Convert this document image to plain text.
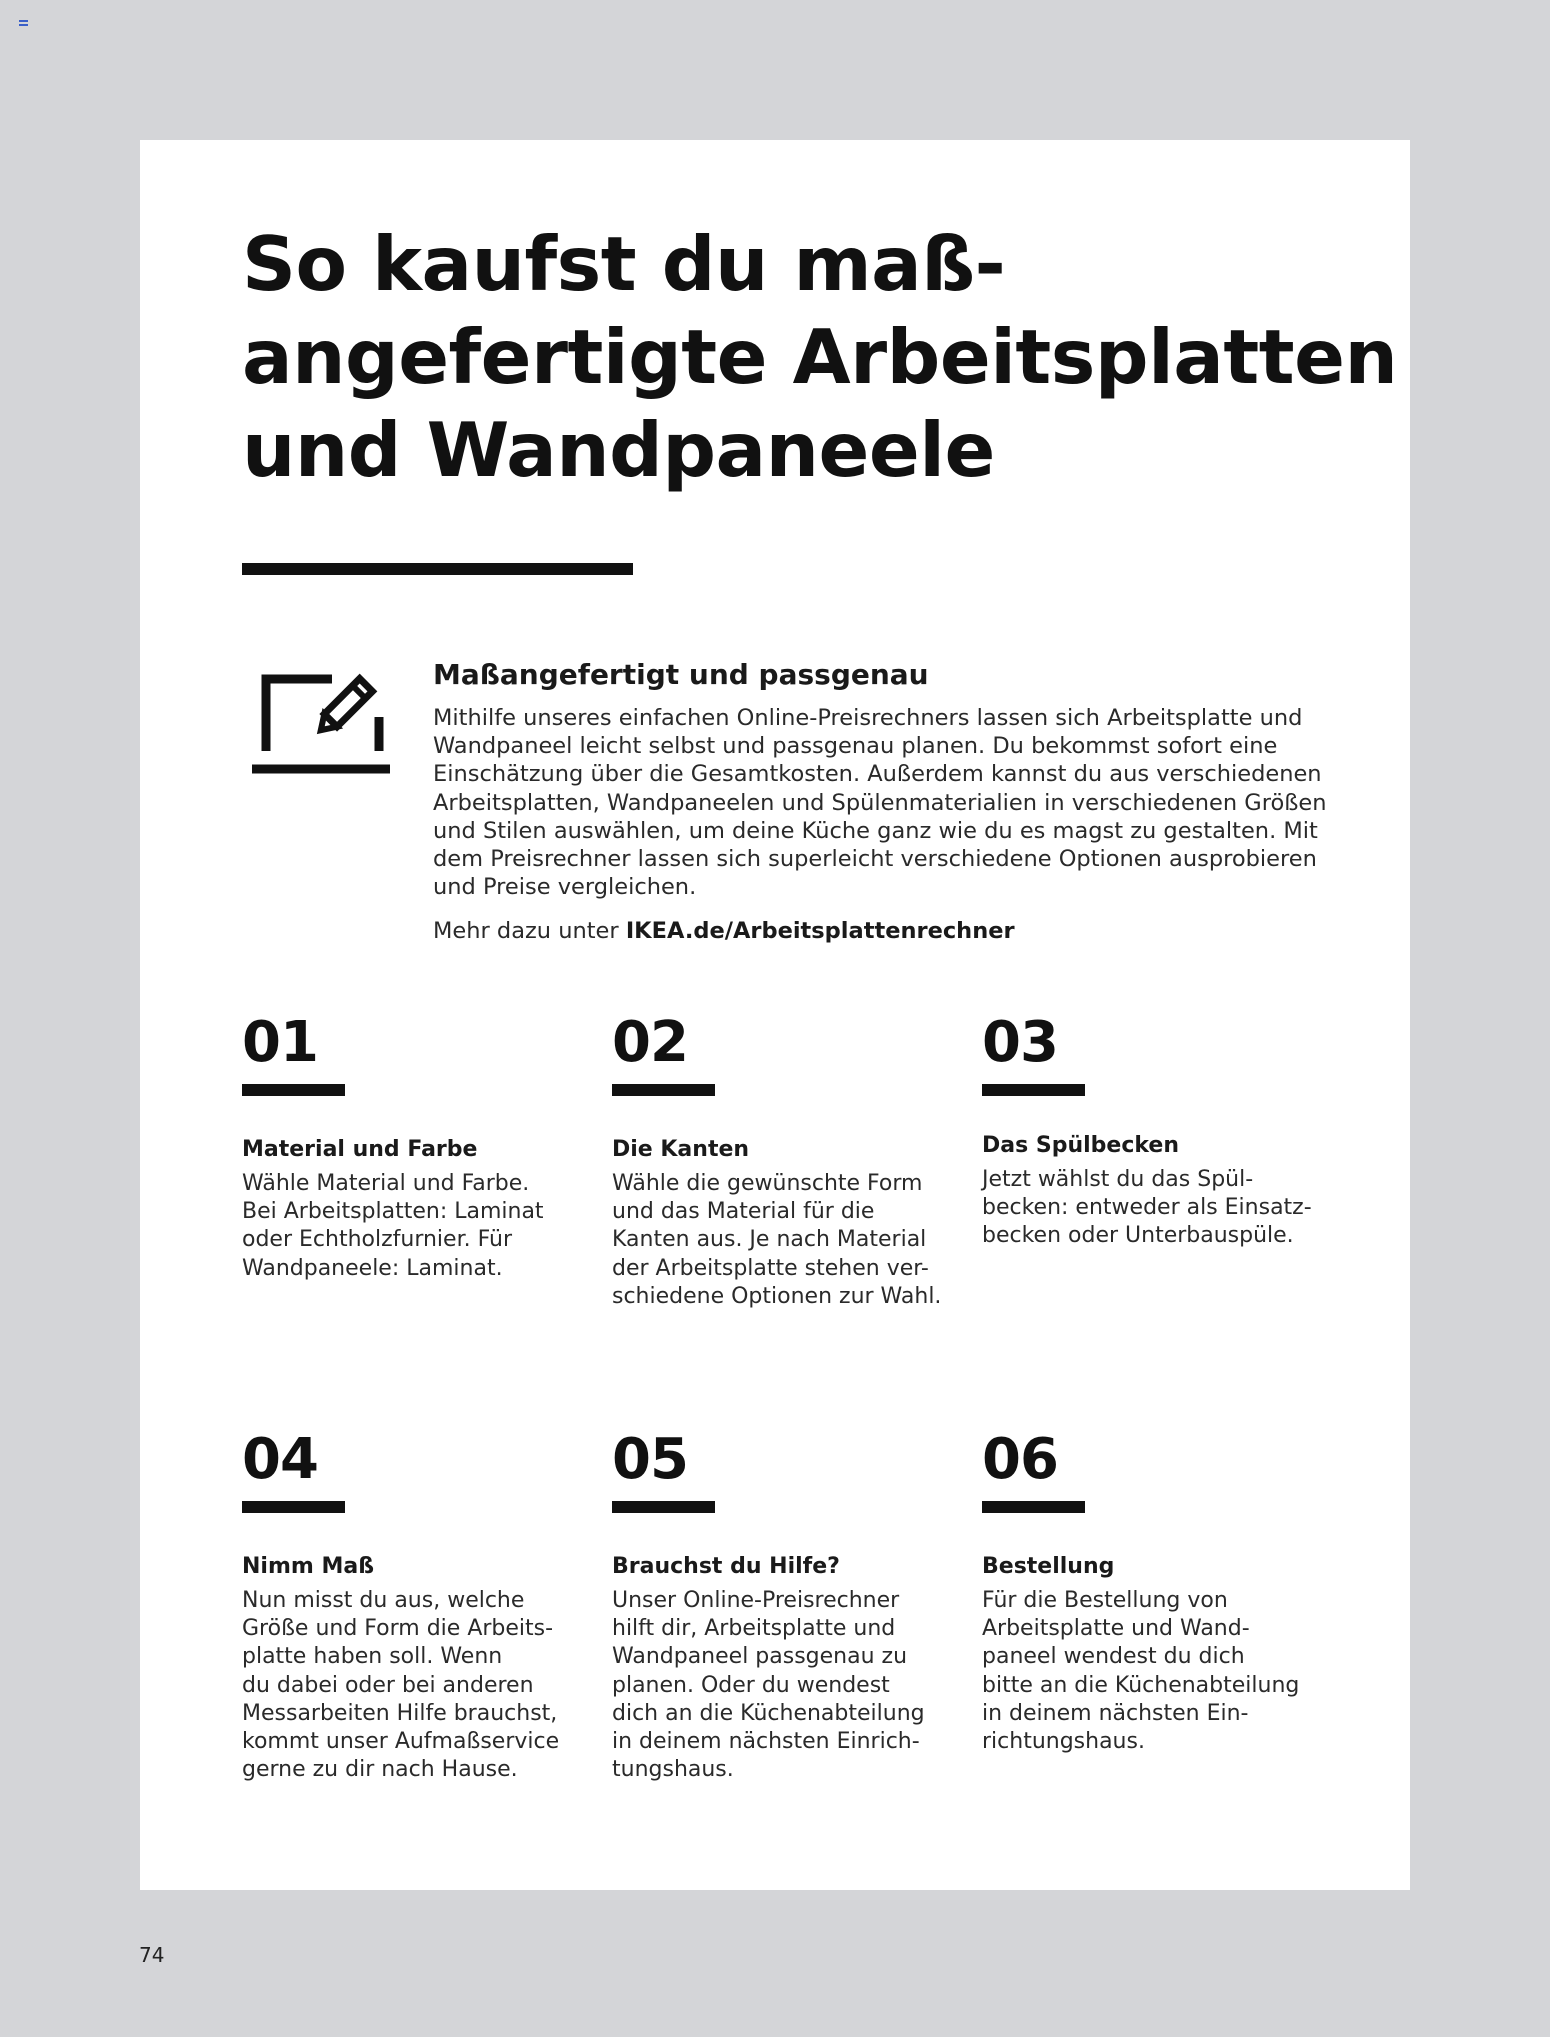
So kaufst du maß-
angefertigte Arbeitsplatten
und Wandpaneele
Maßangefertigt und passgenau

Mithilfe unseres einfachen Online-Preisrechners lassen sich Arbeitsplatte und
Wandpaneel leicht selbst und passgenau planen. Du bekommst sofort eine
Einschätzung über die Gesamtkosten. Außerdem kannst du aus verschiedenen
Arbeitsplatten, Wandpaneelen und Spülenmaterialien in verschiedenen Größen
und Stilen auswählen, um deine Küche ganz wie du es magst zu gestalten. Mit
dem Preisrechner lassen sich superleicht verschiedene Optionen ausprobieren
und Preise vergleichen.

Mehr dazu unter IKEA.de/Arbeitsplattenrechner

01
Material und Farbe

Wähle Material und Farbe.
Bei Arbeitsplatten: Laminat
oder Echtholzfurnier. Für
Wandpaneele: Laminat.

02
Die Kanten

Wähle die gewünschte Form
und das Material für die
Kanten aus. Je nach Material
der Arbeitsplatte stehen ver-
schiedene Optionen zur Wahl.

03
Das Spülbecken

Jetzt wählst du das Spül-
becken: entweder als Einsatz-
becken oder Unterbauspüle.

04
Nimm Maß

Nun misst du aus, welche
Größe und Form die Arbeits-
platte haben soll. Wenn
du dabei oder bei anderen
Messarbeiten Hilfe brauchst,
kommt unser Aufmaßservice
gerne zu dir nach Hause.

05
Brauchst du Hilfe?

Unser Online-Preisrechner
hilft dir, Arbeitsplatte und
Wandpaneel passgenau zu
planen. Oder du wendest
dich an die Küchenabteilung
in deinem nächsten Einrich-
tungshaus.

06
Bestellung

Für die Bestellung von
Arbeitsplatte und Wand-
paneel wendest du dich
bitte an die Küchenabteilung
in deinem nächsten Ein-
richtungshaus.

74
